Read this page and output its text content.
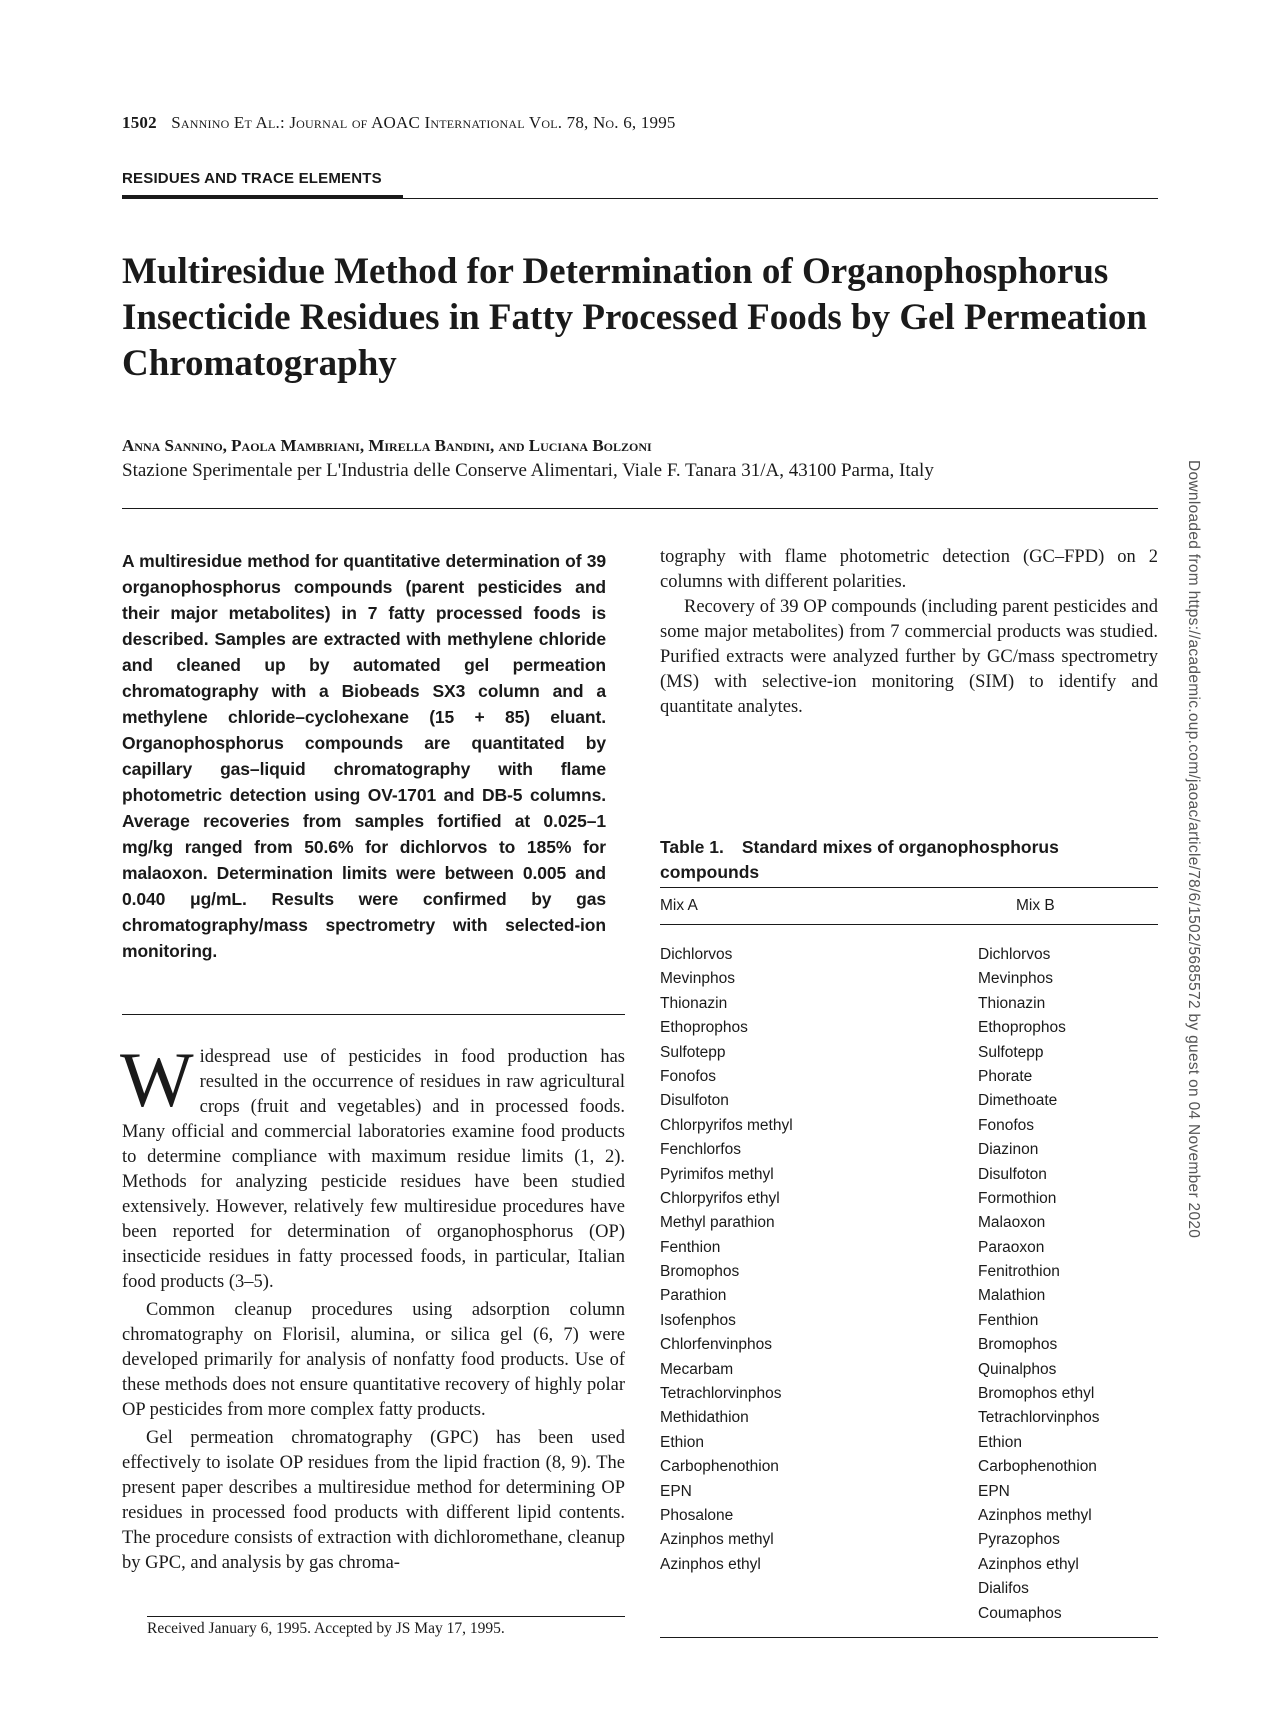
1502 Sannino Et Al.: Journal of AOAC International Vol. 78, No. 6, 1995
RESIDUES AND TRACE ELEMENTS
Multiresidue Method for Determination of Organophosphorus Insecticide Residues in Fatty Processed Foods by Gel Permeation Chromatography
Anna Sannino, Paola Mambriani, Mirella Bandini, and Luciana Bolzoni
Stazione Sperimentale per L'Industria delle Conserve Alimentari, Viale F. Tanara 31/A, 43100 Parma, Italy

A multiresidue method for quantitative determination of 39 organophosphorus compounds (parent pesticides and their major metabolites) in 7 fatty processed foods is described. Samples are extracted with methylene chloride and cleaned up by automated gel permeation chromatography with a Biobeads SX3 column and a methylene chloride–cyclohexane (15 + 85) eluant. Organophosphorus compounds are quantitated by capillary gas–liquid chromatography with flame photometric detection using OV-1701 and DB-5 columns. Average recoveries from samples fortified at 0.025–1 mg/kg ranged from 50.6% for dichlorvos to 185% for malaoxon. Determination limits were between 0.005 and 0.040 μg/mL. Results were confirmed by gas chromatography/mass spectrometry with selected-ion monitoring.

Widespread use of pesticides in food production has resulted in the occurrence of residues in raw agricultural crops (fruit and vegetables) and in processed foods. Many official and commercial laboratories examine food products to determine compliance with maximum residue limits (1, 2). Methods for analyzing pesticide residues have been studied extensively. However, relatively few multiresidue procedures have been reported for determination of organophosphorus (OP) insecticide residues in fatty processed foods, in particular, Italian food products (3–5).

Common cleanup procedures using adsorption column chromatography on Florisil, alumina, or silica gel (6, 7) were developed primarily for analysis of nonfatty food products. Use of these methods does not ensure quantitative recovery of highly polar OP pesticides from more complex fatty products.

Gel permeation chromatography (GPC) has been used effectively to isolate OP residues from the lipid fraction (8, 9). The present paper describes a multiresidue method for determining OP residues in processed food products with different lipid contents. The procedure consists of extraction with dichloromethane, cleanup by GPC, and analysis by gas chroma-

Received January 6, 1995. Accepted by JS May 17, 1995.

tography with flame photometric detection (GC–FPD) on 2 columns with different polarities.

Recovery of 39 OP compounds (including parent pesticides and some major metabolites) from 7 commercial products was studied. Purified extracts were analyzed further by GC/mass spectrometry (MS) with selective-ion monitoring (SIM) to identify and quantitate analytes.

Table 1. Standard mixes of organophosphorus compounds

Mix A	Mix B
Dichlorvos
Mevinphos
Thionazin
Ethoprophos
Sulfotepp
Fonofos
Disulfoton
Chlorpyrifos methyl
Fenchlorfos
Pyrimifos methyl
Chlorpyrifos ethyl
Methyl parathion
Fenthion
Bromophos
Parathion
Isofenphos
Chlorfenvinphos
Mecarbam
Tetrachlorvinphos
Methidathion
Ethion
Carbophenothion
EPN
Phosalone
Azinphos methyl
Azinphos ethyl
Dichlorvos
Mevinphos
Thionazin
Ethoprophos
Sulfotepp
Phorate
Dimethoate
Fonofos
Diazinon
Disulfoton
Formothion
Malaoxon
Paraoxon
Fenitrothion
Malathion
Fenthion
Bromophos
Quinalphos
Bromophos ethyl
Tetrachlorvinphos
Ethion
Carbophenothion
EPN
Azinphos methyl
Pyrazophos
Azinphos ethyl
Dialifos
Coumaphos
Downloaded from https://academic.oup.com/jaoac/article/78/6/1502/5685572 by guest on 04 November 2020
